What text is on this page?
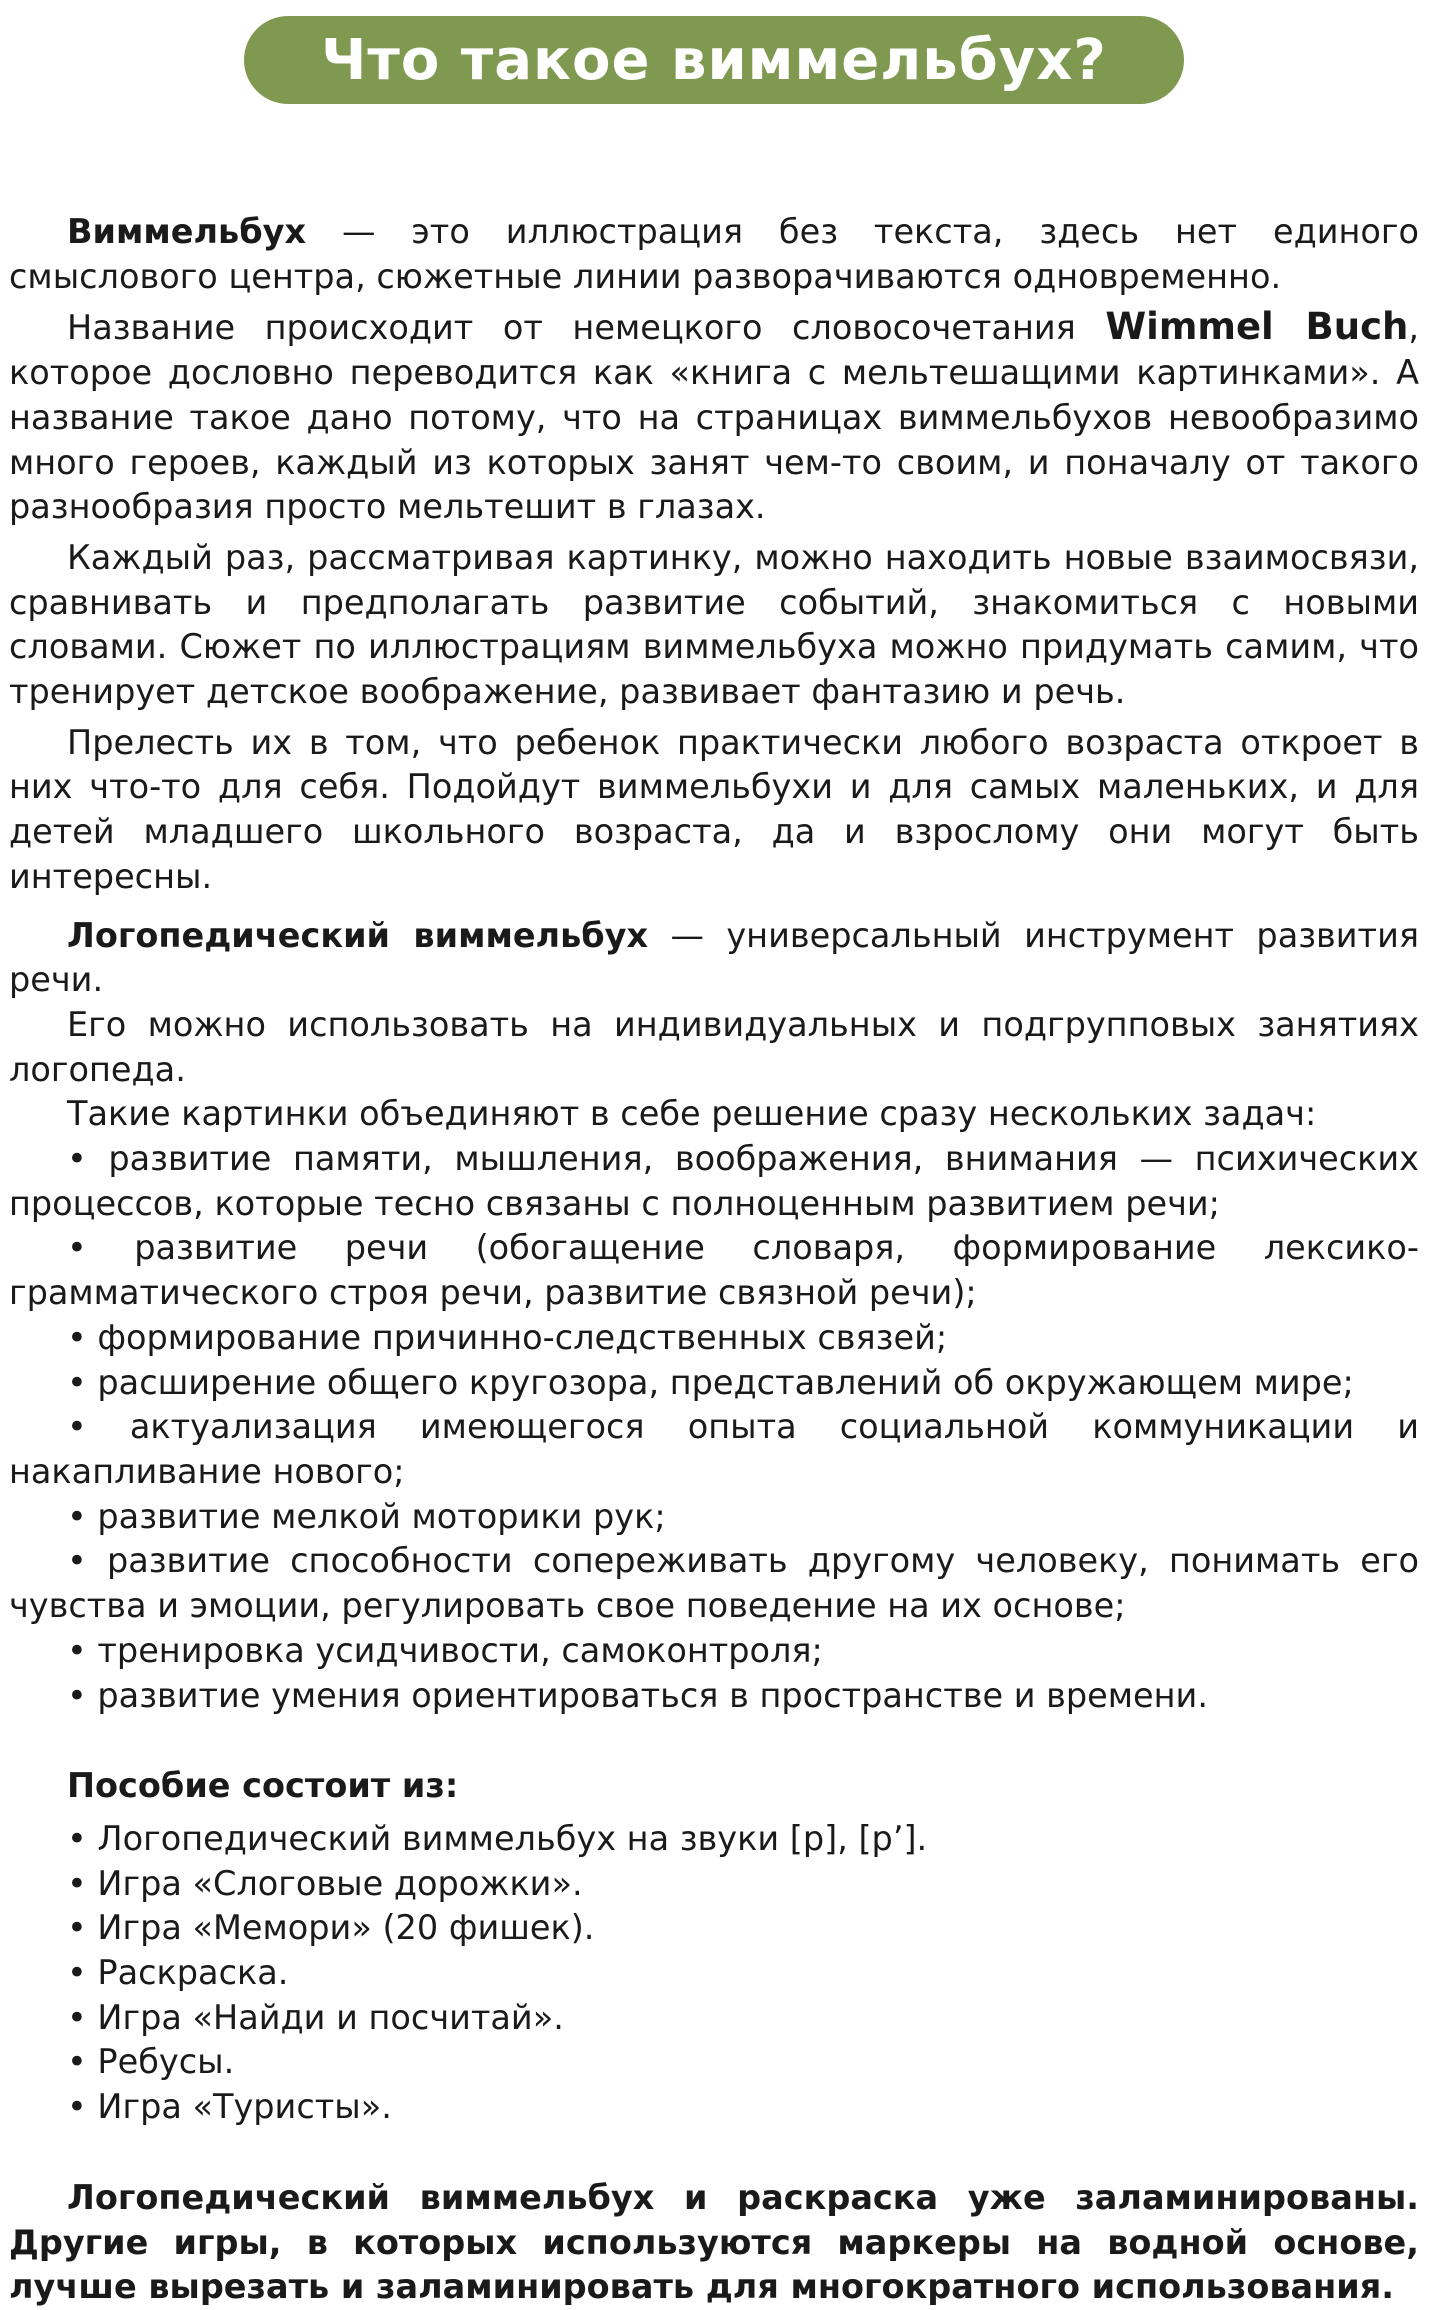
Что такое виммельбух?

Виммельбух — это иллюстрация без текста, здесь нет единого смыслового центра, сюжетные линии разворачиваются одновременно.

Название происходит от немецкого словосочетания Wimmel Buch, которое дословно переводится как «книга с мельтешащими картинками». А название такое дано потому, что на страницах виммельбухов невообразимо много героев, каждый из которых занят чем-то своим, и поначалу от такого разнообразия просто мельтешит в глазах.

Каждый раз, рассматривая картинку, можно находить новые взаимосвязи, сравнивать и предполагать развитие событий, знакомиться с новыми словами. Сюжет по иллюстрациям виммельбуха можно придумать самим, что тренирует детское воображение, развивает фантазию и речь.

Прелесть их в том, что ребенок практически любого возраста откроет в них что-то для себя. Подойдут виммельбухи и для самых маленьких, и для детей младшего школьного возраста, да и взрослому они могут быть интересны.

Логопедический виммельбух — универсальный инструмент развития речи.

Его можно использовать на индивидуальных и подгрупповых занятиях логопеда.

Такие картинки объединяют в себе решение сразу нескольких задач:

• развитие памяти, мышления, воображения, внимания — психических процессов, которые тесно связаны с полноценным развитием речи;

• развитие речи (обогащение словаря, формирование лексико-грамматического строя речи, развитие связной речи);

• формирование причинно-следственных связей;

• расширение общего кругозора, представлений об окружающем мире;

• актуализация имеющегося опыта социальной коммуникации и накапливание нового;

• развитие мелкой моторики рук;

• развитие способности сопереживать другому человеку, понимать его чувства и эмоции, регулировать свое поведение на их основе;

• тренировка усидчивости, самоконтроля;

• развитие умения ориентироваться в пространстве и времени.

Пособие состоит из:

• Логопедический виммельбух на звуки [р], [р’].

• Игра «Слоговые дорожки».

• Игра «Мемори» (20 фишек).

• Раскраска.

• Игра «Найди и посчитай».

• Ребусы.

• Игра «Туристы».

Логопедический виммельбух и раскраска уже заламинированы. Другие игры, в которых используются маркеры на водной основе, лучше вырезать и заламинировать для многократного использования.
